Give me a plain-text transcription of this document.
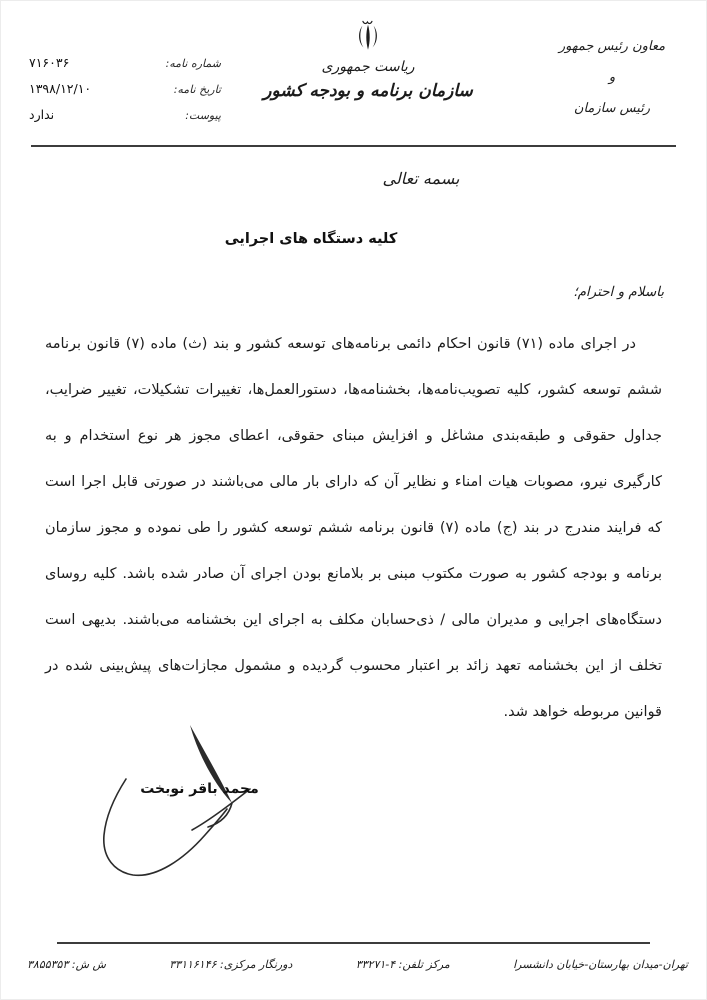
معاون رئیس جمهور
و
رئیس سازمان
ریاست جمهوری
سازمان برنامه و بودجه کشور
شماره نامه:
۷۱۶۰۳۶
تاریخ نامه:
۱۳۹۸/۱۲/۱۰
پیوست:
ندارد
بسمه تعالی
کلیه دستگاه های اجرایی
باسلام و احترام؛

در اجرای ماده (۷۱) قانون احکام دائمی برنامه‌های توسعه کشور و بند (ث) ماده (۷) قانون برنامه ششم توسعه کشور، کلیه تصویب‌نامه‌ها، بخشنامه‌ها، دستورالعمل‌ها، تغییرات تشکیلات، تغییر ضرایب، جداول حقوقی و طبقه‌بندی مشاغل و افزایش مبنای حقوقی، اعطای مجوز هر نوع استخدام و به کارگیری نیرو، مصوبات هیات امناء و نظایر آن که دارای بار مالی می‌باشند در صورتی قابل اجرا است که فرایند مندرج در بند (ج) ماده (۷) قانون برنامه ششم توسعه کشور را طی نموده و مجوز سازمان برنامه و بودجه کشور به صورت مکتوب مبنی بر بلامانع بودن اجرای آن صادر شده باشد. کلیه روسای دستگاه‌های اجرایی و مدیران مالی / ذی‌حسابان مکلف به اجرای این بخشنامه می‌باشند. بدیهی است تخلف از این بخشنامه تعهد زائد بر اعتبار محسوب گردیده و مشمول مجازات‌های پیش‌بینی شده در قوانین مربوطه خواهد شد.

محمد باقر نوبخت
تهران-میدان بهارستان-خیابان دانشسرا
مرکز تلفن: ۴-۳۳۲۷۱
دورنگار مرکزی: ۳۳۱۱۶۱۴۶
ش ش: ۳۸۵۵۳۵۳
